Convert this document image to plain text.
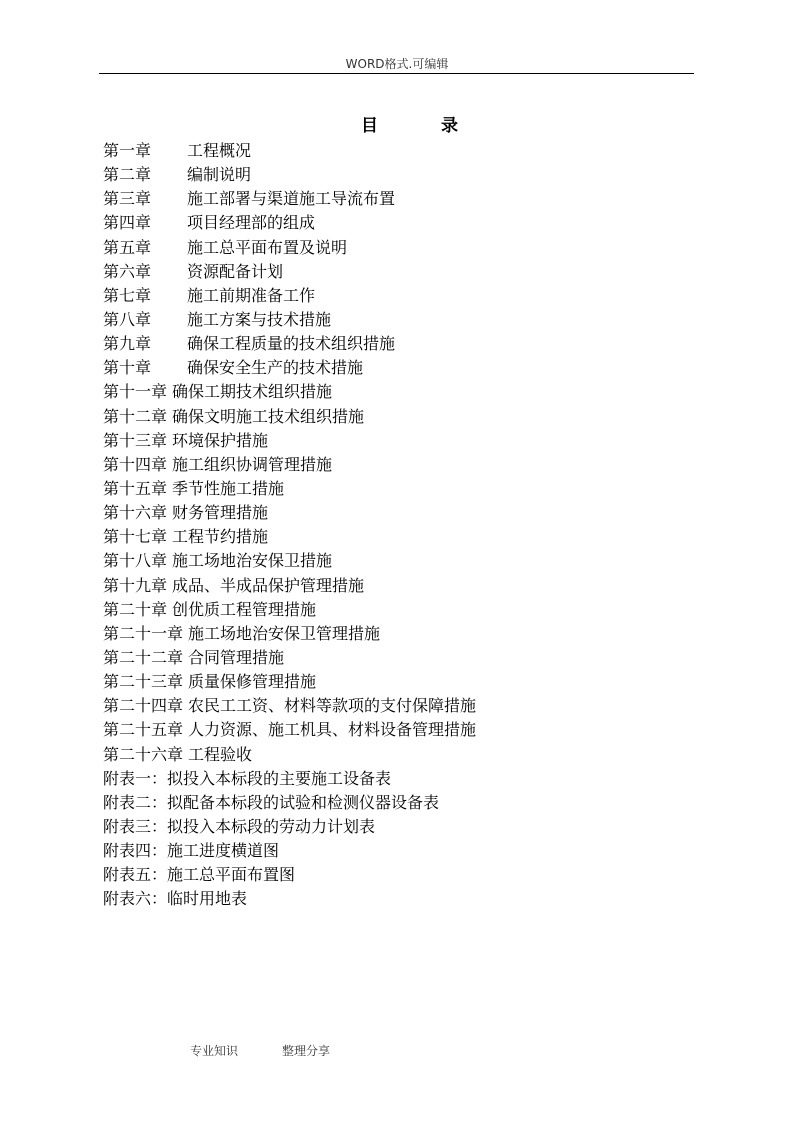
WORD格式.可编辑
目	录
第一章 工程概况
第二章 编制说明
第三章 施工部署与渠道施工导流布置
第四章 项目经理部的组成
第五章 施工总平面布置及说明
第六章 资源配备计划
第七章 施工前期准备工作
第八章 施工方案与技术措施
第九章 确保工程质量的技术组织措施
第十章 确保安全生产的技术措施
第十一章 确保工期技术组织措施
第十二章 确保文明施工技术组织措施
第十三章 环境保护措施
第十四章 施工组织协调管理措施
第十五章 季节性施工措施
第十六章 财务管理措施
第十七章 工程节约措施
第十八章 施工场地治安保卫措施
第十九章 成品、半成品保护管理措施
第二十章 创优质工程管理措施
第二十一章 施工场地治安保卫管理措施
第二十二章 合同管理措施
第二十三章 质量保修管理措施
第二十四章 农民工工资、材料等款项的支付保障措施
第二十五章 人力资源、施工机具、材料设备管理措施
第二十六章 工程验收
附表一：拟投入本标段的主要施工设备表
附表二：拟配备本标段的试验和检测仪器设备表
附表三：拟投入本标段的劳动力计划表
附表四：施工进度横道图
附表五：施工总平面布置图
附表六：临时用地表
专业知识	整理分享
